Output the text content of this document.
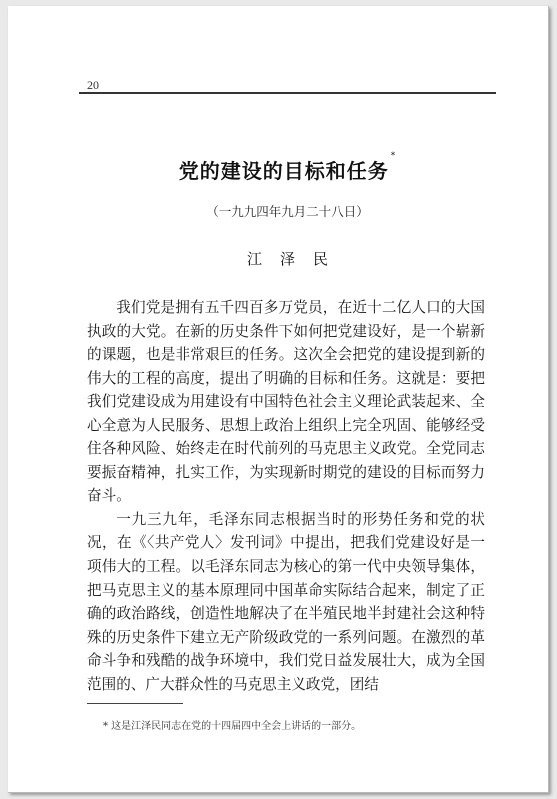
20

党的建设的目标和任务*

（一九九四年九月二十八日）

江泽民

我们党是拥有五千四百多万党员，在近十二亿人口的大国执政的大党。在新的历史条件下如何把党建设好，是一个崭新的课题，也是非常艰巨的任务。这次全会把党的建设提到新的伟大的工程的高度，提出了明确的目标和任务。这就是：要把我们党建设成为用建设有中国特色社会主义理论武装起来、全心全意为人民服务、思想上政治上组织上完全巩固、能够经受住各种风险、始终走在时代前列的马克思主义政党。全党同志要振奋精神，扎实工作，为实现新时期党的建设的目标而努力奋斗。

一九三九年，毛泽东同志根据当时的形势任务和党的状况，在《〈共产党人〉发刊词》中提出，把我们党建设好是一项伟大的工程。以毛泽东同志为核心的第一代中央领导集体，把马克思主义的基本原理同中国革命实际结合起来，制定了正确的政治路线，创造性地解决了在半殖民地半封建社会这种特殊的历史条件下建立无产阶级政党的一系列问题。在激烈的革命斗争和残酷的战争环境中，我们党日益发展壮大，成为全国范围的、广大群众性的马克思主义政党，团结

* 这是江泽民同志在党的十四届四中全会上讲话的一部分。
